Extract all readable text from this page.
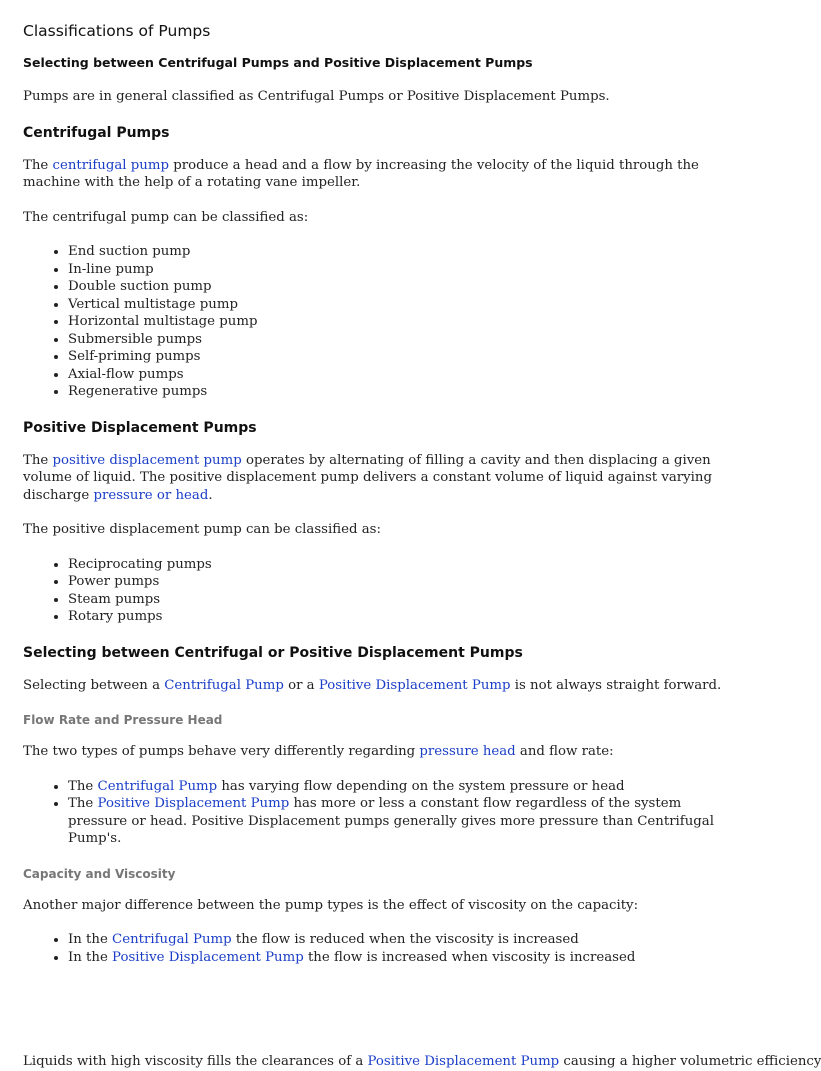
Classifications of Pumps
Selecting between Centrifugal Pumps and Positive Displacement Pumps

Pumps are in general classified as Centrifugal Pumps or Positive Displacement Pumps.

Centrifugal Pumps

The centrifugal pump produce a head and a flow by increasing the velocity of the liquid through the machine with the help of a rotating vane impeller.

The centrifugal pump can be classified as:

• End suction pump
• In-line pump
• Double suction pump
• Vertical multistage pump
• Horizontal multistage pump
• Submersible pumps
• Self-priming pumps
• Axial-flow pumps
• Regenerative pumps
Positive Displacement Pumps

The positive displacement pump operates by alternating of filling a cavity and then displacing a given volume of liquid. The positive displacement pump delivers a constant volume of liquid against varying discharge pressure or head.

The positive displacement pump can be classified as:

• Reciprocating pumps
• Power pumps
• Steam pumps
• Rotary pumps
Selecting between Centrifugal or Positive Displacement Pumps

Selecting between a Centrifugal Pump or a Positive Displacement Pump is not always straight forward.

Flow Rate and Pressure Head

The two types of pumps behave very differently regarding pressure head and flow rate:

• The Centrifugal Pump has varying flow depending on the system pressure or head
• The Positive Displacement Pump has more or less a constant flow regardless of the system pressure or head. Positive Displacement pumps generally gives more pressure than Centrifugal Pump's.
Capacity and Viscosity

Another major difference between the pump types is the effect of viscosity on the capacity:

• In the Centrifugal Pump the flow is reduced when the viscosity is increased
• In the Positive Displacement Pump the flow is increased when viscosity is increased

Liquids with high viscosity fills the clearances of a Positive Displacement Pump causing a higher volumetric efficiency
